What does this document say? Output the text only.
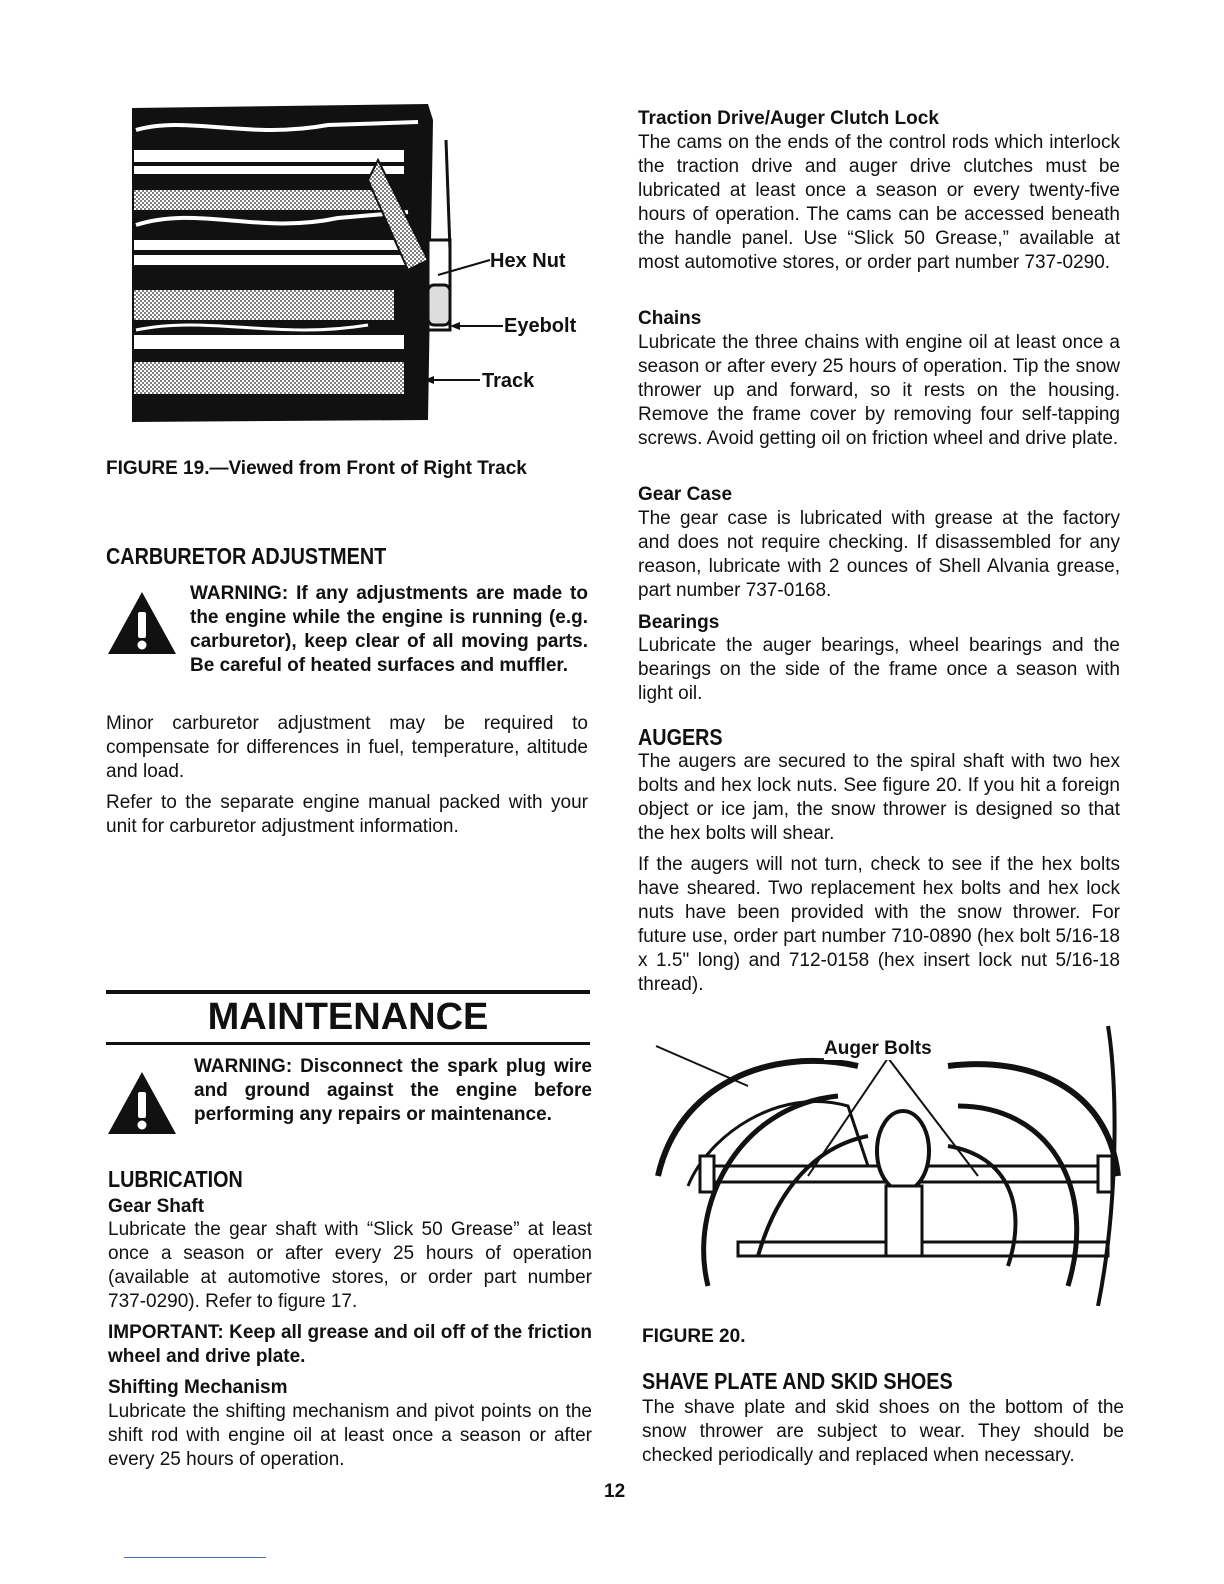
Hex Nut
Eyebolt
Track
FIGURE 19.—Viewed from Front of Right Track
CARBURETOR ADJUSTMENT

WARNING: If any adjustments are made to the engine while the engine is running (e.g. carburetor), keep clear of all moving parts. Be careful of heated surfaces and muffler.

Minor carburetor adjustment may be required to compensate for differences in fuel, temperature, altitude and load.

Refer to the separate engine manual packed with your unit for carburetor adjustment information.

MAINTENANCE

WARNING: Disconnect the spark plug wire and ground against the engine before performing any repairs or maintenance.

LUBRICATION
Gear Shaft

Lubricate the gear shaft with “Slick 50 Grease” at least once a season or after every 25 hours of operation (available at automotive stores, or order part number 737-0290). Refer to figure 17.

IMPORTANT: Keep all grease and oil off of the friction wheel and drive plate.

Shifting Mechanism

Lubricate the shifting mechanism and pivot points on the shift rod with engine oil at least once a season or after every 25 hours of operation.

Traction Drive/Auger Clutch Lock

The cams on the ends of the control rods which interlock the traction drive and auger drive clutches must be lubricated at least once a season or every twenty-five hours of operation. The cams can be accessed beneath the handle panel. Use “Slick 50 Grease,” available at most automotive stores, or order part number 737-0290.

Chains

Lubricate the three chains with engine oil at least once a season or after every 25 hours of operation. Tip the snow thrower up and forward, so it rests on the housing. Remove the frame cover by removing four self-tapping screws. Avoid getting oil on friction wheel and drive plate.

Gear Case

The gear case is lubricated with grease at the factory and does not require checking. If disassembled for any reason, lubricate with 2 ounces of Shell Alvania grease, part number 737-0168.

Bearings

Lubricate the auger bearings, wheel bearings and the bearings on the side of the frame once a season with light oil.

AUGERS

The augers are secured to the spiral shaft with two hex bolts and hex lock nuts. See figure 20. If you hit a foreign object or ice jam, the snow thrower is designed so that the hex bolts will shear.

If the augers will not turn, check to see if the hex bolts have sheared. Two replacement hex bolts and hex lock nuts have been provided with the snow thrower. For future use, order part number 710-0890 (hex bolt 5/16-18 x 1.5" long) and 712-0158 (hex insert lock nut 5/16-18 thread).

Auger Bolts
FIGURE 20.
SHAVE PLATE AND SKID SHOES

The shave plate and skid shoes on the bottom of the snow thrower are subject to wear. They should be checked periodically and replaced when necessary.

12
